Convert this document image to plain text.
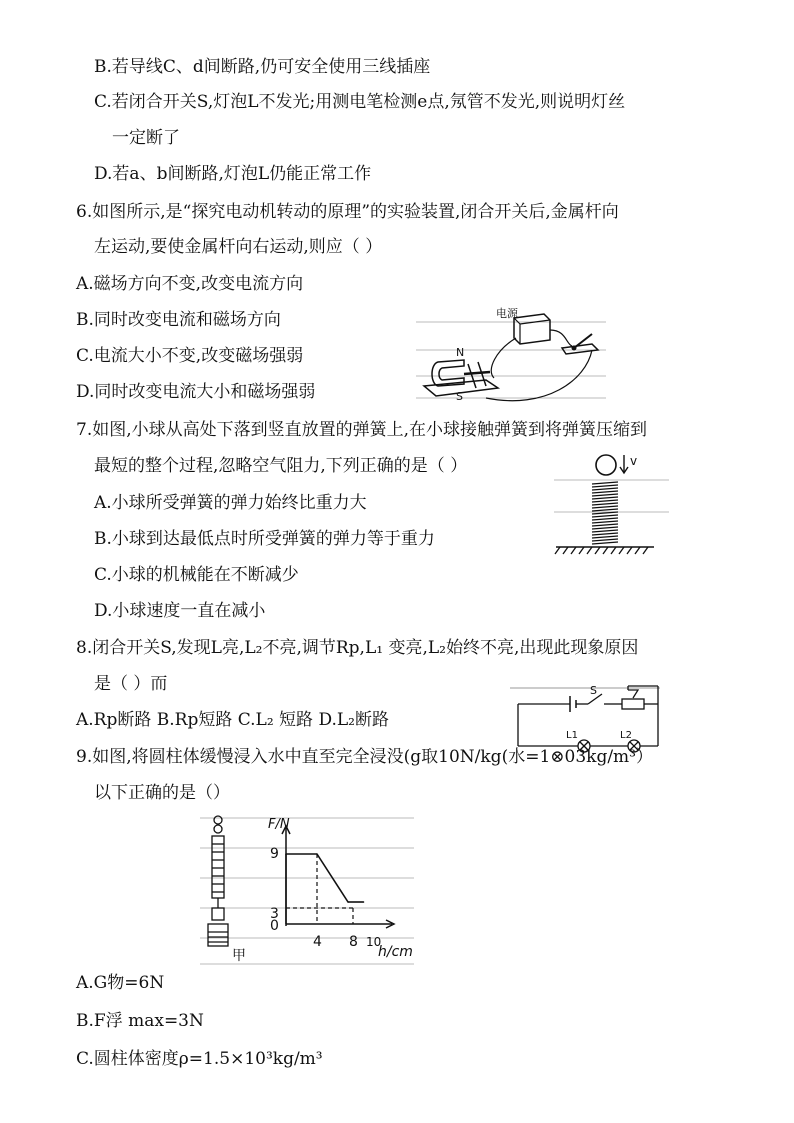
B.若导线C、d间断路,仍可安全使用三线插座
C.若闭合开关S,灯泡L不发光;用测电笔检测e点,氖管不发光,则说明灯丝
一定断了
D.若a、b间断路,灯泡L仍能正常工作
6.如图所示,是“探究电动机转动的原理”的实验装置,闭合开关后,金属杆向
左运动,要使金属杆向右运动,则应（ ）
A.磁场方向不变,改变电流方向
B.同时改变电流和磁场方向
C.电流大小不变,改变磁场强弱
D.同时改变电流大小和磁场强弱
电源
N
S
7.如图,小球从高处下落到竖直放置的弹簧上,在小球接触弹簧到将弹簧压缩到
最短的整个过程,忽略空气阻力,下列正确的是（ ）
A.小球所受弹簧的弹力始终比重力大
B.小球到达最低点时所受弹簧的弹力等于重力
C.小球的机械能在不断减少
D.小球速度一直在减小
v
8.闭合开关S,发现L亮,L₂不亮,调节Rp,L₁ 变亮,L₂始终不亮,出现此现象原因
是（ ）而
A.Rp断路 B.Rp短路 C.L₂ 短路 D.L₂断路
S
L1	L2
9.如图,将圆柱体缓慢浸入水中直至完全浸没(g取10N/kg(水=1⊗03kg/m³）
以下正确的是（）
甲
F/N
h/cm
9
3
0
4 8 10
A.G物=6N
B.F浮 max=3N
C.圆柱体密度ρ=1.5×10³kg/m³
